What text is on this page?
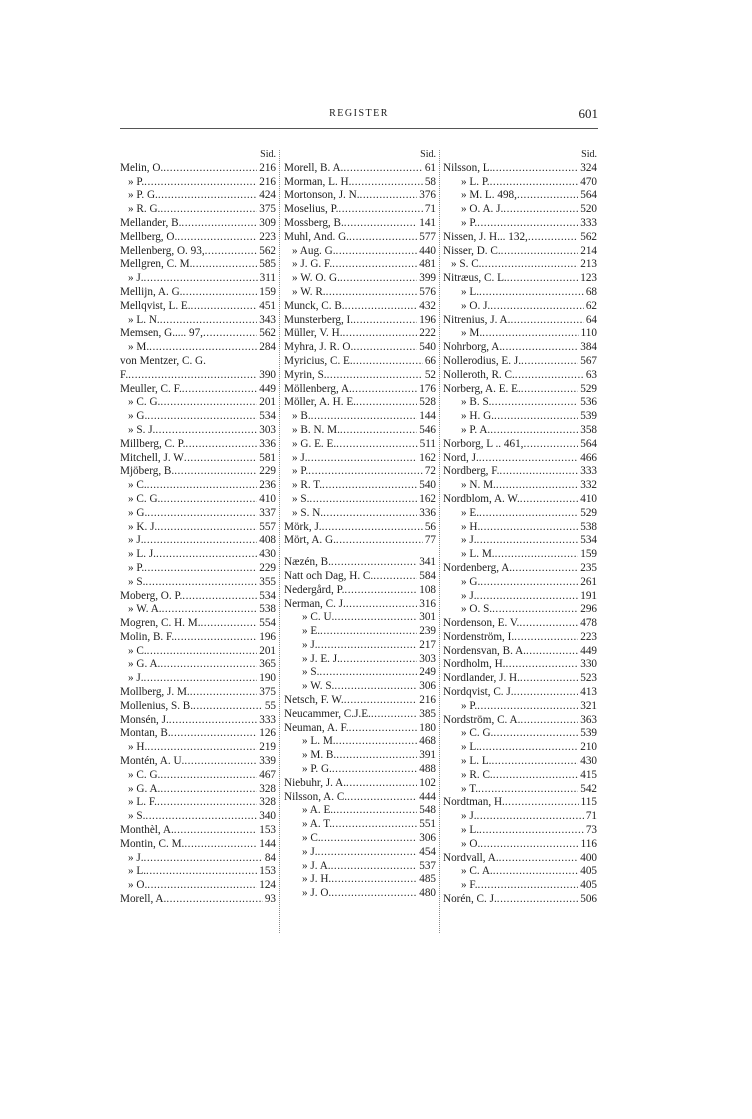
REGISTER	601
Sid.
Melin, O. .....	216
» P. .....	216
» P. G. .....	424
» R. G. .....	375
Mellander, B. .....	309
Mellberg, O. .....	223
Mellenberg, O. 93, .....	562
Mellgren, C. M. .....	585
» J. .....	311
Mellijn, A. G. .....	159
Mellqvist, L. E. .....	451
» L. N. .....	343
Memsen, G..... 97, .....	562
» M. .....	284
von Mentzer, C. G.
F. .....	390
Meuller, C. F. .....	449
» C. G. .....	201
» G. .....	534
» S. J. .....	303
Millberg, C. P. .....	336
Mitchell, J. W .....	581
Mjöberg, B. .....	229
» C. .....	236
» C. G. .....	410
» G. .....	337
» K. J. .....	557
» J. .....	408
» L. J. .....	430
» P. .....	229
» S. .....	355
Moberg, O. P. .....	534
» W. A. .....	538
Mogren, C. H. M. .....	554
Molin, B. F. .....	196
» C. .....	201
» G. A. .....	365
» J. .....	190
Mollberg, J. M. .....	375
Mollenius, S. B. .....	55
Monsén, J. .....	333
Montan, B. .....	126
» H. .....	219
Montén, A. U. .....	339
» C. G. .....	467
» G. A. .....	328
» L. F. .....	328
» S. .....	340
Monthèl, A. .....	153
Montin, C. M. .....	144
» J. .....	84
» L. .....	153
» O. .....	124
Morell, A. .....	93
Sid.
Morell, B. A. .....	61
Morman, L. H. .....	58
Mortonson, J. N. .....	376
Moselius, P. .....	71
Mossberg, B. .....	141
Muhl, And. G. .....	577
» Aug. G. .....	440
» J. G. F. .....	481
» W. O. G. .....	399
» W. R. .....	576
Munck, C. B. .....	432
Munsterberg, I. .....	196
Müller, V. H. .....	222
Myhra, J. R. O. .....	540
Myricius, C. E. .....	66
Myrin, S. .....	52
Möllenberg, A. .....	176
Möller, A. H. E. .....	528
» B. .....	144
» B. N. M. .....	546
» G. E. E. .....	511
» J. .....	162
» P. .....	72
» R. T. .....	540
» S. .....	162
» S. N. .....	336
Mörk, J. .....	56
Mört, A. G. .....	77
Næzén, B. .....	341
Natt och Dag, H. C. .....	584
Nedergård, P. .....	108
Nerman, C. J. .....	316
» C. U. .....	301
» E. .....	239
» J. .....	217
» J. E. J. .....	303
» S. .....	249
» W. S. .....	306
Netsch, F. W. .....	216
Neucammer, C.J.E. .....	385
Neuman, A. F. .....	180
» L. M. .....	468
» M. B. .....	391
» P. G. .....	488
Niebuhr, J. A. .....	102
Nilsson, A. C. .....	444
» A. E. .....	548
» A. T. .....	551
» C. .....	306
» J. .....	454
» J. A. .....	537
» J. H. .....	485
» J. O. .....	480
Sid.
Nilsson, L. .....	324
» L. P. .....	470
» M. L. 498, .....	564
» O. A. J. .....	520
» P. .....	333
Nissen, J. H... 132, .....	562
Nisser, D. C. .....	214
» S. C. .....	213
Nitræus, C. L. .....	123
» L. .....	68
» O. J. .....	62
Nitrenius, J. A. .....	64
» M. .....	110
Nohrborg, A. .....	384
Nollerodius, E. J. .....	567
Nolleroth, R. C. .....	63
Norberg, A. E. E. .....	529
» B. S. .....	536
» H. G. .....	539
» P. A. .....	358
Norborg, L .. 461, .....	564
Nord, J. .....	466
Nordberg, F. .....	333
» N. M. .....	332
Nordblom, A. W. .....	410
» E. .....	529
» H. .....	538
» J. .....	534
» L. M. .....	159
Nordenberg, A. .....	235
» G. .....	261
» J. .....	191
» O. S. .....	296
Nordenson, E. V. .....	478
Nordenström, I. .....	223
Nordensvan, B. A. .....	449
Nordholm, H. .....	330
Nordlander, J. H. .....	523
Nordqvist, C. J. .....	413
» P. .....	321
Nordström, C. A. .....	363
» C. G. .....	539
» L. .....	210
» L. L. .....	430
» R. C. .....	415
» T. .....	542
Nordtman, H. .....	115
» J. .....	71
» L. .....	73
» O. .....	116
Nordvall, A. .....	400
» C. A. .....	405
» F. .....	405
Norén, C. J. .....	506
